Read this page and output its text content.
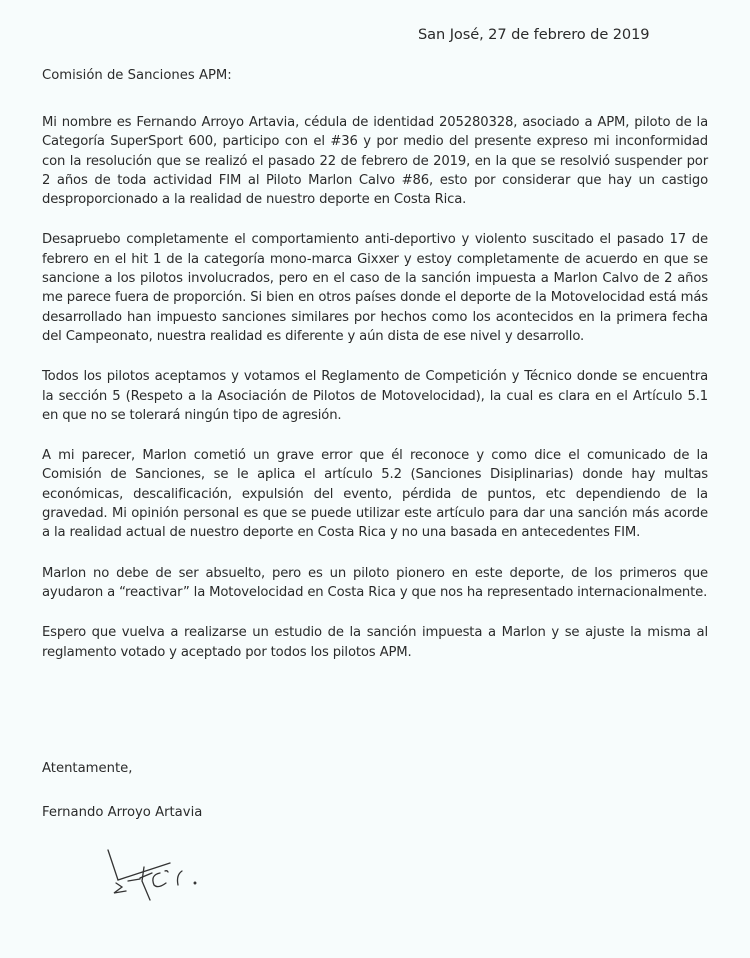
San José, 27 de febrero de 2019
Comisión de Sanciones APM:

Mi nombre es Fernando Arroyo Artavia, cédula de identidad 205280328, asociado a APM, piloto de la Categoría SuperSport 600, participo con el #36 y por medio del presente expreso mi inconformidad con la resolución que se realizó el pasado 22 de febrero de 2019, en la que se resolvió suspender por 2 años de toda actividad FIM al Piloto Marlon Calvo #86, esto por considerar que hay un castigo desproporcionado a la realidad de nuestro deporte en Costa Rica.

Desapruebo completamente el comportamiento anti-deportivo y violento suscitado el pasado 17 de febrero en el hit 1 de la categoría mono-marca Gixxer y estoy completamente de acuerdo en que se sancione a los pilotos involucrados, pero en el caso de la sanción impuesta a Marlon Calvo de 2 años me parece fuera de proporción. Si bien en otros países donde el deporte de la Motovelocidad está más desarrollado han impuesto sanciones similares por hechos como los acontecidos en la primera fecha del Campeonato, nuestra realidad es diferente y aún dista de ese nivel y desarrollo.

Todos los pilotos aceptamos y votamos el Reglamento de Competición y Técnico donde se encuentra la sección 5 (Respeto a la Asociación de Pilotos de Motovelocidad), la cual es clara en el Artículo 5.1 en que no se tolerará ningún tipo de agresión.

A mi parecer, Marlon cometió un grave error que él reconoce y como dice el comunicado de la Comisión de Sanciones, se le aplica el artículo 5.2 (Sanciones Disiplinarias) donde hay multas económicas, descalificación, expulsión del evento, pérdida de puntos, etc dependiendo de la gravedad. Mi opinión personal es que se puede utilizar este artículo para dar una sanción más acorde a la realidad actual de nuestro deporte en Costa Rica y no una basada en antecedentes FIM.

Marlon no debe de ser absuelto, pero es un piloto pionero en este deporte, de los primeros que ayudaron a “reactivar” la Motovelocidad en Costa Rica y que nos ha representado internacionalmente.

Espero que vuelva a realizarse un estudio de la sanción impuesta a Marlon y se ajuste la misma al reglamento votado y aceptado por todos los pilotos APM.

Atentamente,
Fernando Arroyo Artavia
